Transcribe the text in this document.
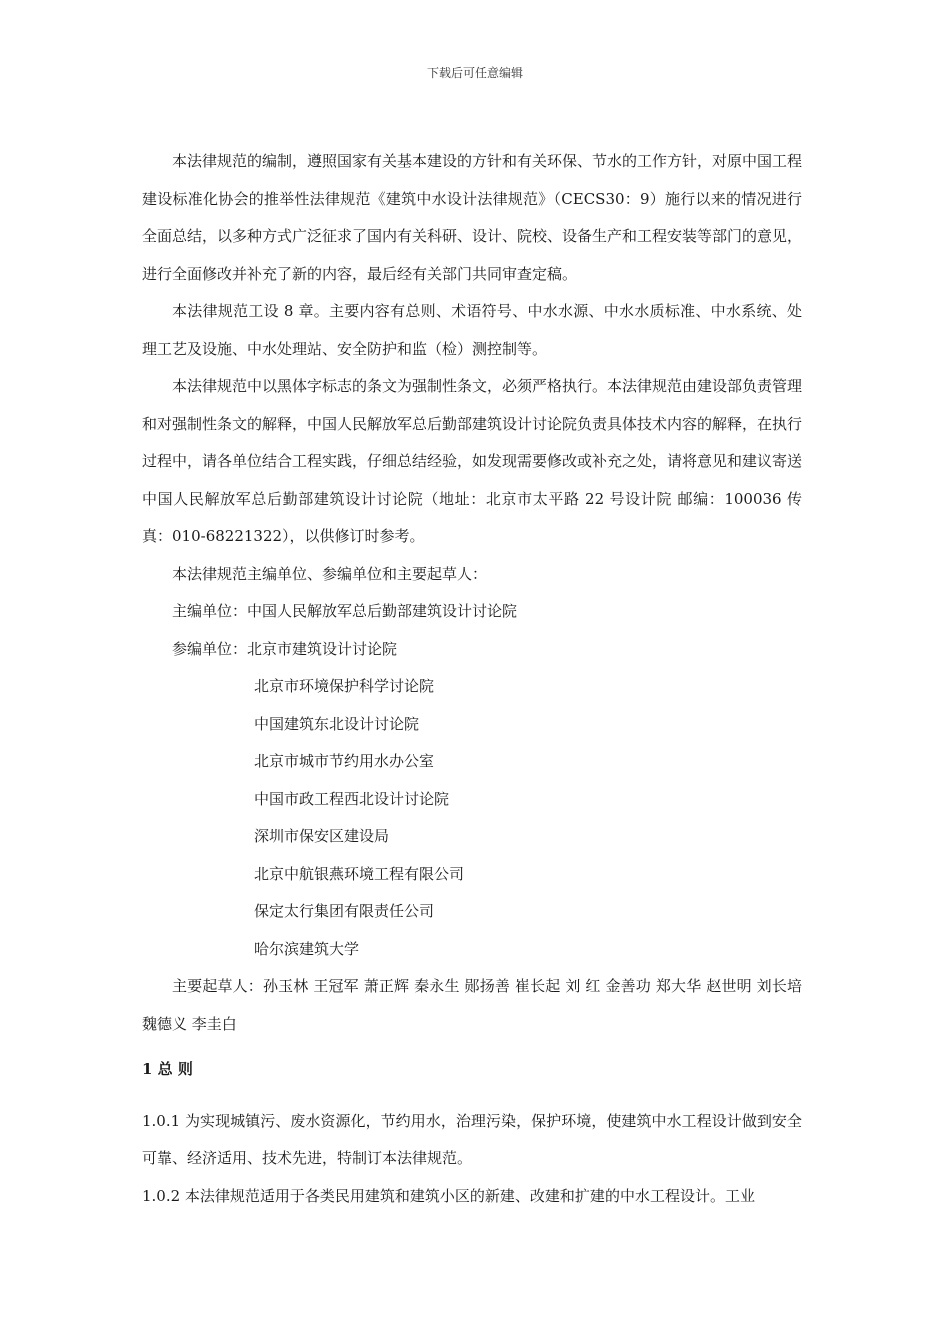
下载后可任意编辑

本法律规范的编制，遵照国家有关基本建设的方针和有关环保、节水的工作方针，对原中国工程建设标准化协会的推举性法律规范《建筑中水设计法律规范》（CECS30：9）施行以来的情况进行全面总结，以多种方式广泛征求了国内有关科研、设计、院校、设备生产和工程安装等部门的意见，进行全面修改并补充了新的内容，最后经有关部门共同审查定稿。

本法律规范工设 8 章。主要内容有总则、术语符号、中水水源、中水水质标准、中水系统、处理工艺及设施、中水处理站、安全防护和监（检）测控制等。

本法律规范中以黑体字标志的条文为强制性条文，必须严格执行。本法律规范由建设部负责管理和对强制性条文的解释，中国人民解放军总后勤部建筑设计讨论院负责具体技术内容的解释，在执行过程中，请各单位结合工程实践，仔细总结经验，如发现需要修改或补充之处，请将意见和建议寄送中国人民解放军总后勤部建筑设计讨论院（地址：北京市太平路 22 号设计院 邮编：100036 传真：010-68221322），以供修订时参考。

本法律规范主编单位、参编单位和主要起草人：

主编单位：中国人民解放军总后勤部建筑设计讨论院

参编单位：北京市建筑设计讨论院

北京市环境保护科学讨论院

中国建筑东北设计讨论院

北京市城市节约用水办公室

中国市政工程西北设计讨论院

深圳市保安区建设局

北京中航银燕环境工程有限公司

保定太行集团有限责任公司

哈尔滨建筑大学

主要起草人：孙玉林 王冠军 萧正辉 秦永生 郧扬善 崔长起 刘 红 金善功 郑大华 赵世明 刘长培 魏德义 李圭白

1 总 则

1.0.1 为实现城镇污、废水资源化，节约用水，治理污染，保护环境，使建筑中水工程设计做到安全可靠、经济适用、技术先进，特制订本法律规范。

1.0.2 本法律规范适用于各类民用建筑和建筑小区的新建、改建和扩建的中水工程设计。工业
